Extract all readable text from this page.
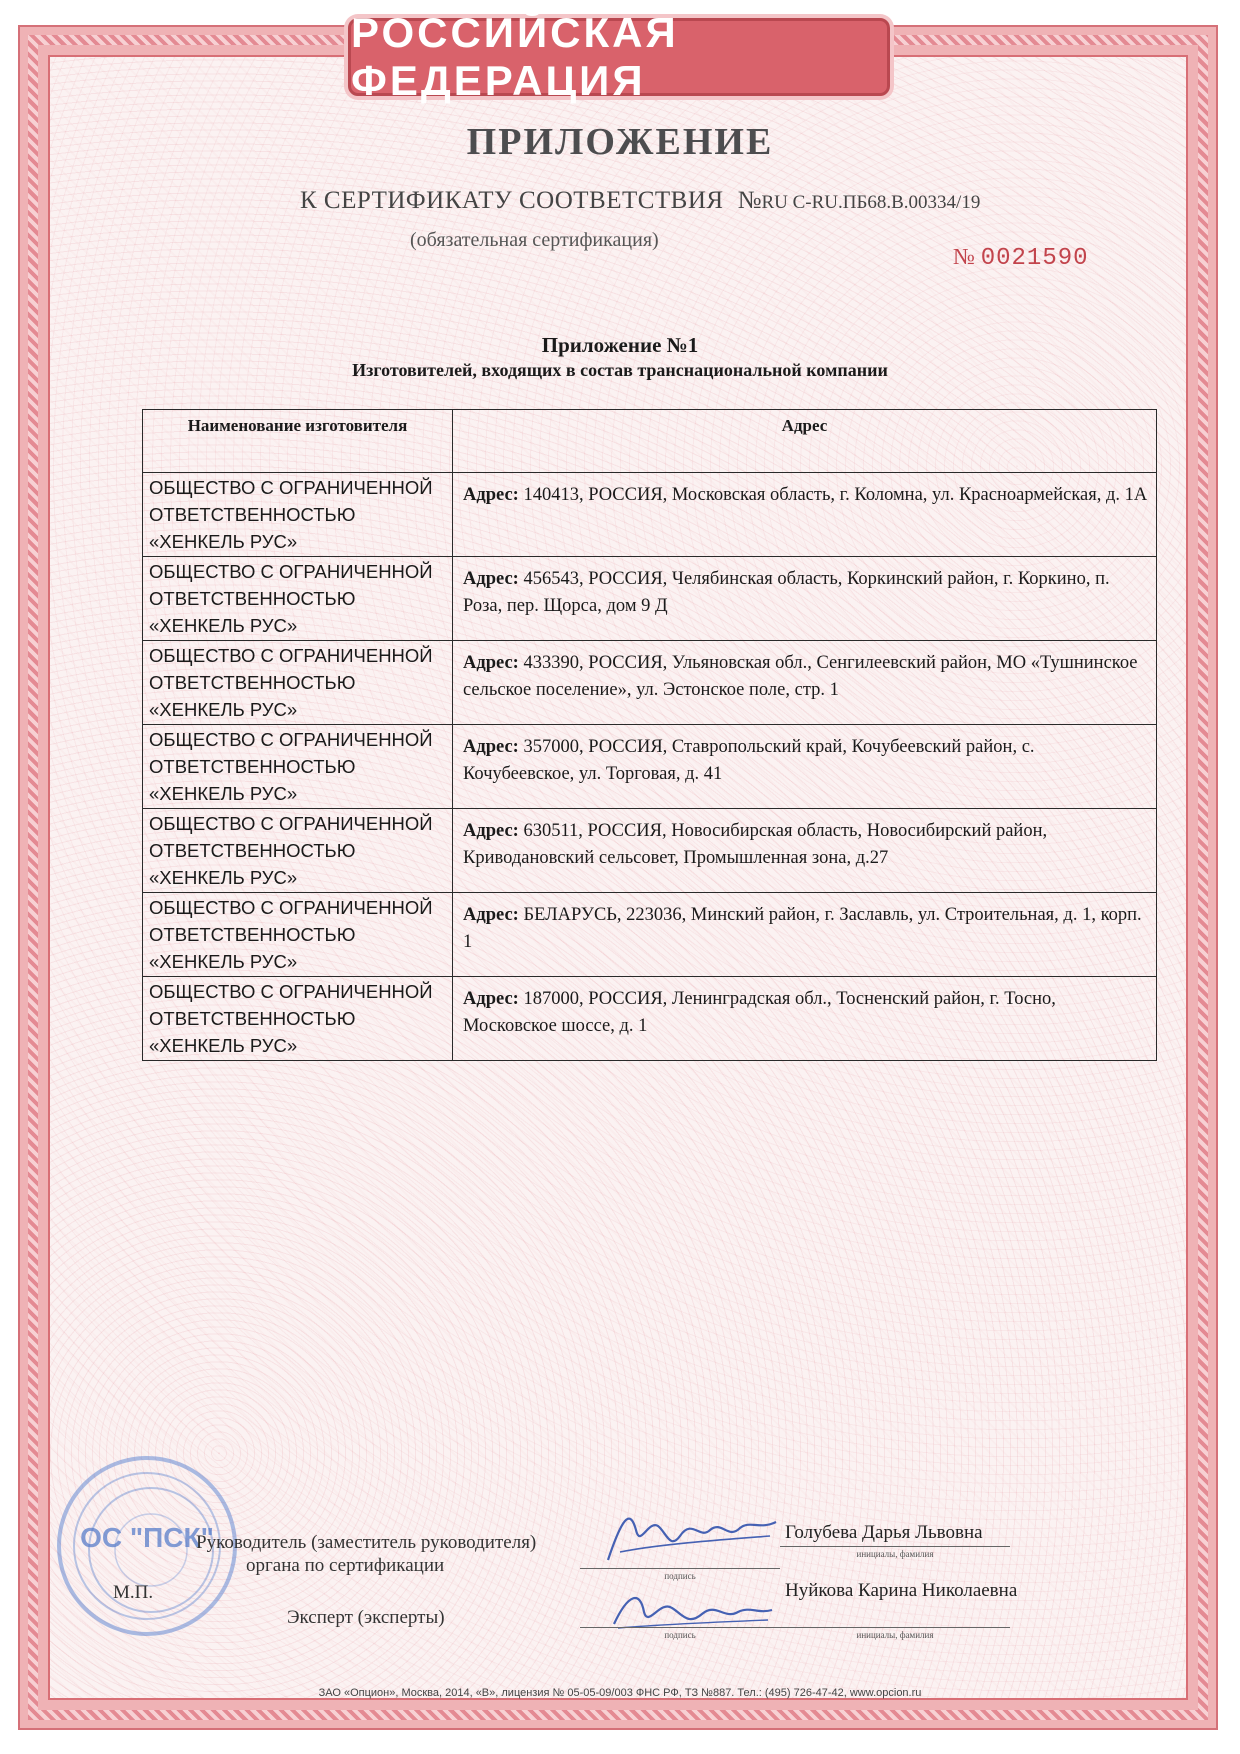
РОССИЙСКАЯ ФЕДЕРАЦИЯ
ПРИЛОЖЕНИЕ
К СЕРТИФИКАТУ СООТВЕТСТВИЯ №RU C-RU.ПБ68.В.00334/19
(обязательная сертификация)
№ 0021590
Приложение №1
Изготовителей, входящих в состав транснациональной компании
Наименование изготовителя	Адрес

ОБЩЕСТВО С ОГРАНИЧЕННОЙ
ОТВЕТСТВЕННОСТЬЮ
«ХЕНКЕЛЬ РУС»	Адрес: 140413, РОССИЯ, Московская область, г. Коломна, ул. Красноармейская, д. 1А

ОБЩЕСТВО С ОГРАНИЧЕННОЙ
ОТВЕТСТВЕННОСТЬЮ
«ХЕНКЕЛЬ РУС»	Адрес: 456543, РОССИЯ, Челябинская область, Коркинский район, г. Коркино, п. Роза, пер. Щорса, дом 9 Д

ОБЩЕСТВО С ОГРАНИЧЕННОЙ
ОТВЕТСТВЕННОСТЬЮ
«ХЕНКЕЛЬ РУС»	Адрес: 433390, РОССИЯ, Ульяновская обл., Сенгилеевский район, МО «Тушнинское сельское поселение», ул. Эстонское поле, стр. 1

ОБЩЕСТВО С ОГРАНИЧЕННОЙ
ОТВЕТСТВЕННОСТЬЮ
«ХЕНКЕЛЬ РУС»	Адрес: 357000, РОССИЯ, Ставропольский край, Кочубеевский район, с. Кочубеевское, ул. Торговая, д. 41

ОБЩЕСТВО С ОГРАНИЧЕННОЙ
ОТВЕТСТВЕННОСТЬЮ
«ХЕНКЕЛЬ РУС»	Адрес: 630511, РОССИЯ, Новосибирская область, Новосибирский район, Криводановский сельсовет, Промышленная зона, д.27

ОБЩЕСТВО С ОГРАНИЧЕННОЙ
ОТВЕТСТВЕННОСТЬЮ
«ХЕНКЕЛЬ РУС»	Адрес: БЕЛАРУСЬ, 223036, Минский район, г. Заславль, ул. Строительная, д. 1, корп. 1

ОБЩЕСТВО С ОГРАНИЧЕННОЙ
ОТВЕТСТВЕННОСТЬЮ
«ХЕНКЕЛЬ РУС»	Адрес: 187000, РОССИЯ, Ленинградская обл., Тосненский район, г. Тосно, Московское шоссе, д. 1
ОС "ПСК"
Руководитель (заместитель руководителя)
органа по сертификации
М.П.
Эксперт (эксперты)
подпись
инициалы, фамилия
подпись	инициалы, фамилия
Голубева Дарья Львовна
Нуйкова Карина Николаевна
ЗАО «Опцион», Москва, 2014, «В», лицензия № 05-05-09/003 ФНС РФ, ТЗ №887. Тел.: (495) 726-47-42, www.opcion.ru
